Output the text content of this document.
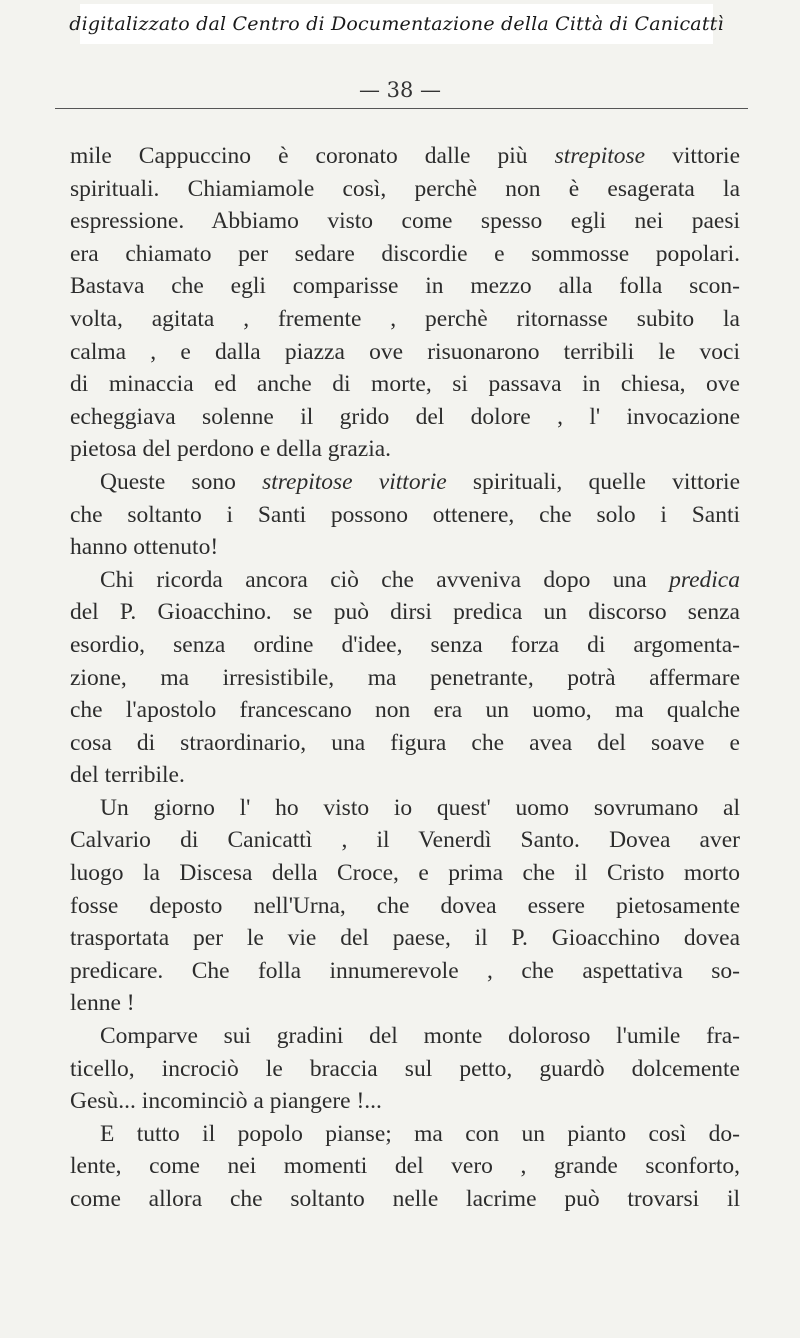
digitalizzato dal Centro di Documentazione della Città di Canicattì
— 38 —
mile Cappuccino è coronato dalle più strepitose vittorie
spirituali. Chiamiamole così, perchè non è esagerata la
espressione. Abbiamo visto come spesso egli nei paesi
era chiamato per sedare discordie e sommosse popolari.
Bastava che egli comparisse in mezzo alla folla scon-
volta, agitata , fremente , perchè ritornasse subito la
calma , e dalla piazza ove risuonarono terribili le voci
di minaccia ed anche di morte, si passava in chiesa, ove
echeggiava solenne il grido del dolore , l' invocazione
pietosa del perdono e della grazia.
Queste sono strepitose vittorie spirituali, quelle vittorie
che soltanto i Santi possono ottenere, che solo i Santi
hanno ottenuto!
Chi ricorda ancora ciò che avveniva dopo una predica
del P. Gioacchino. se può dirsi predica un discorso senza
esordio, senza ordine d'idee, senza forza di argomenta-
zione, ma irresistibile, ma penetrante, potrà affermare
che l'apostolo francescano non era un uomo, ma qualche
cosa di straordinario, una figura che avea del soave e
del terribile.
Un giorno l' ho visto io quest' uomo sovrumano al
Calvario di Canicattì , il Venerdì Santo. Dovea aver
luogo la Discesa della Croce, e prima che il Cristo morto
fosse deposto nell'Urna, che dovea essere pietosamente
trasportata per le vie del paese, il P. Gioacchino dovea
predicare. Che folla innumerevole , che aspettativa so-
lenne !
Comparve sui gradini del monte doloroso l'umile fra-
ticello, incrociò le braccia sul petto, guardò dolcemente
Gesù... incominciò a piangere !...
E tutto il popolo pianse; ma con un pianto così do-
lente, come nei momenti del vero , grande sconforto,
come allora che soltanto nelle lacrime può trovarsi il
